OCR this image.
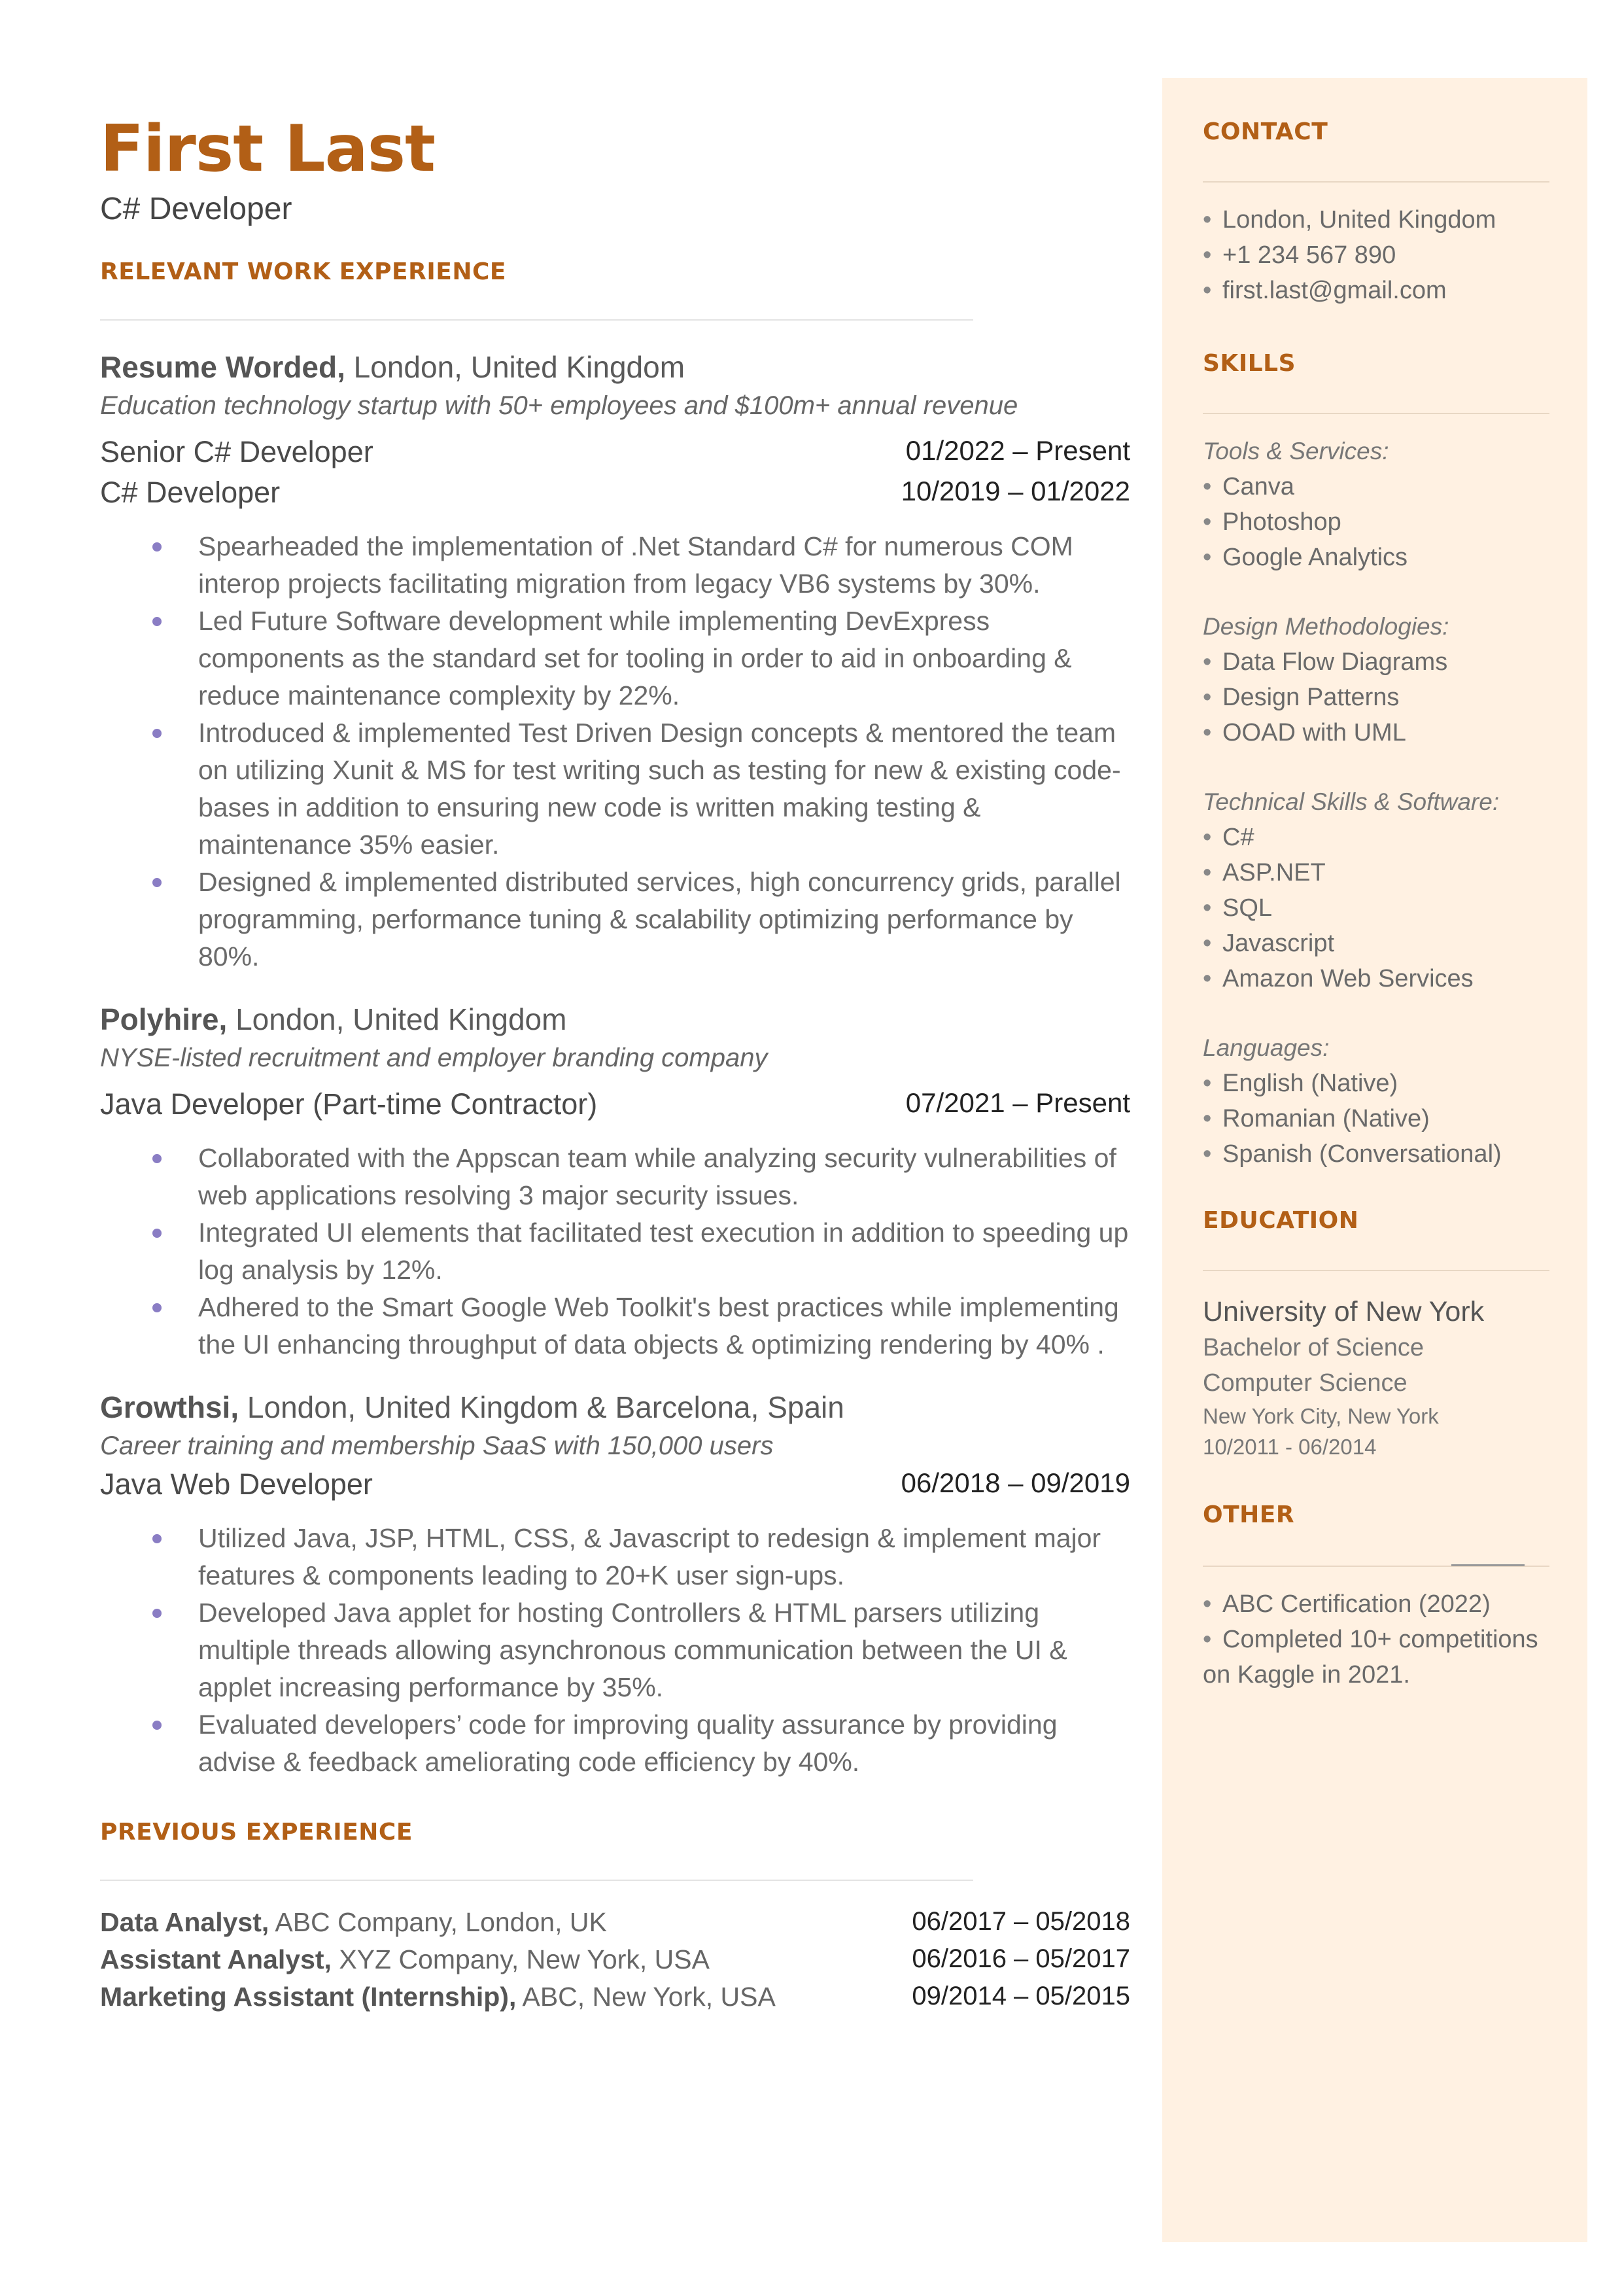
First Last
C# Developer
RELEVANT WORK EXPERIENCE
Resume Worded, London, United Kingdom
Education technology startup with 50+ employees and $100m+ annual revenue
Senior C# Developer	01/2022 – Present
C# Developer	10/2019 – 01/2022
Spearheaded the implementation of .Net Standard C# for numerous COM interop projects facilitating migration from legacy VB6 systems by 30%.
Led Future Software development while implementing DevExpress components as the standard set for tooling in order to aid in onboarding & reduce maintenance complexity by 22%.
Introduced & implemented Test Driven Design concepts & mentored the team on utilizing Xunit & MS for test writing such as testing for new & existing code-bases in addition to ensuring new code is written making testing & maintenance 35% easier.
Designed & implemented distributed services, high concurrency grids, parallel programming, performance tuning & scalability optimizing performance by 80%.
Polyhire, London, United Kingdom
NYSE-listed recruitment and employer branding company
Java Developer (Part-time Contractor)	07/2021 – Present
Collaborated with the Appscan team while analyzing security vulnerabilities of web applications resolving 3 major security issues.
Integrated UI elements that facilitated test execution in addition to speeding up log analysis by 12%.
Adhered to the Smart Google Web Toolkit's best practices while implementing the UI enhancing throughput of data objects & optimizing rendering by 40% .
Growthsi, London, United Kingdom & Barcelona, Spain
Career training and membership SaaS with 150,000 users
Java Web Developer	06/2018 – 09/2019
Utilized Java, JSP, HTML, CSS, & Javascript to redesign & implement major features & components leading to 20+K user sign-ups.
Developed Java applet for hosting Controllers & HTML parsers utilizing multiple threads allowing asynchronous communication between the UI & applet increasing performance by 35%.
Evaluated developers’ code for improving quality assurance by providing advise & feedback ameliorating code efficiency by 40%.
PREVIOUS EXPERIENCE
Data Analyst, ABC Company, London, UK	06/2017 – 05/2018
Assistant Analyst, XYZ Company, New York, USA	06/2016 – 05/2017
Marketing Assistant (Internship), ABC, New York, USA	09/2014 – 05/2015
CONTACT
• London, United Kingdom
• +1 234 567 890
• first.last@gmail.com
SKILLS
Tools & Services:
• Canva
• Photoshop
• Google Analytics
Design Methodologies:
• Data Flow Diagrams
• Design Patterns
• OOAD with UML
Technical Skills & Software:
• C#
• ASP.NET
• SQL
• Javascript
• Amazon Web Services
Languages:
• English (Native)
• Romanian (Native)
• Spanish (Conversational)
EDUCATION
University of New York
Bachelor of Science
Computer Science
New York City, New York
10/2011 - 06/2014
OTHER
• ABC Certification (2022)
• Completed 10+ competitions
on Kaggle in 2021.
